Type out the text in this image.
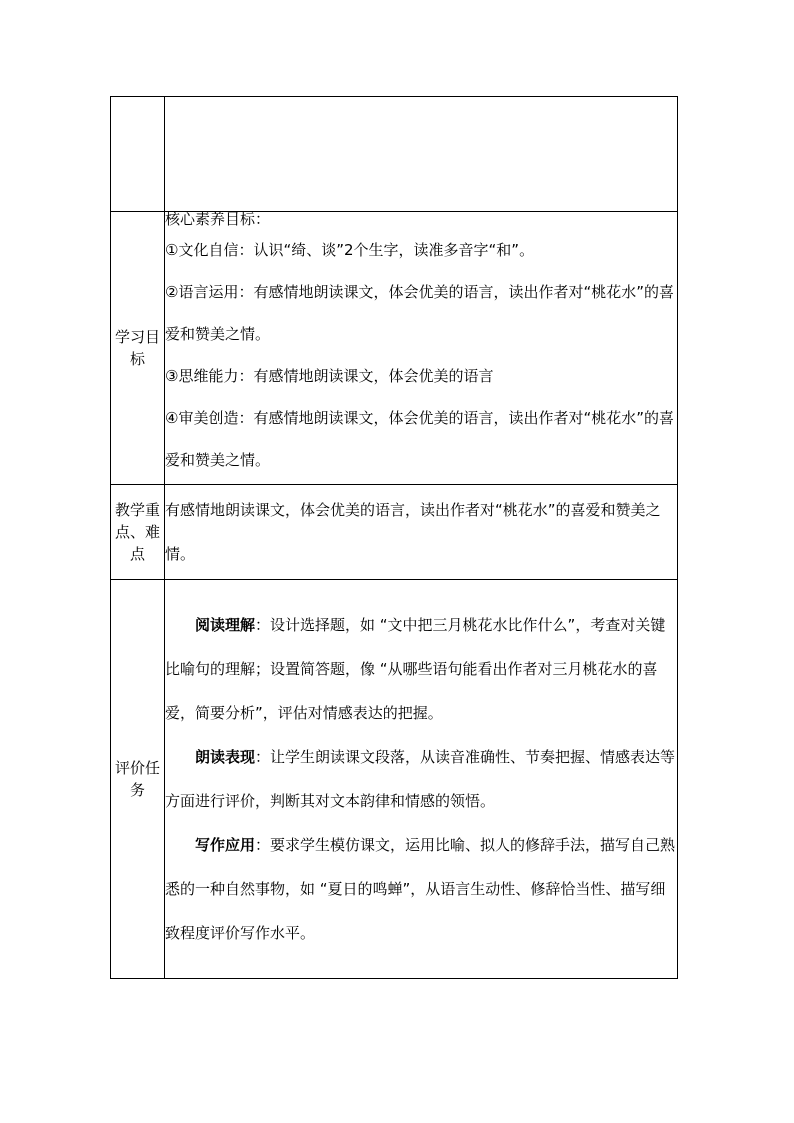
学习目标	核心素养目标：
①文化自信：认识“绮、谈”2个生字，读准多音字“和”。
②语言运用：有感情地朗读课文，体会优美的语言，读出作者对“桃花水”的喜爱和赞美之情。
③思维能力：有感情地朗读课文，体会优美的语言
④审美创造：有感情地朗读课文，体会优美的语言，读出作者对“桃花水”的喜爱和赞美之情。

教学重点、难点	有感情地朗读课文，体会优美的语言，读出作者对“桃花水”的喜爱和赞美之情。
评价任务	阅读理解：设计选择题，如 “文中把三月桃花水比作什么”，考查对关键比喻句的理解；设置简答题，像 “从哪些语句能看出作者对三月桃花水的喜爱，简要分析”，评估对情感表达的把握。

朗读表现：让学生朗读课文段落，从读音准确性、节奏把握、情感表达等方面进行评价，判断其对文本韵律和情感的领悟。

写作应用：要求学生模仿课文，运用比喻、拟人的修辞手法，描写自己熟悉的一种自然事物，如 “夏日的鸣蝉”，从语言生动性、修辞恰当性、描写细致程度评价写作水平。
